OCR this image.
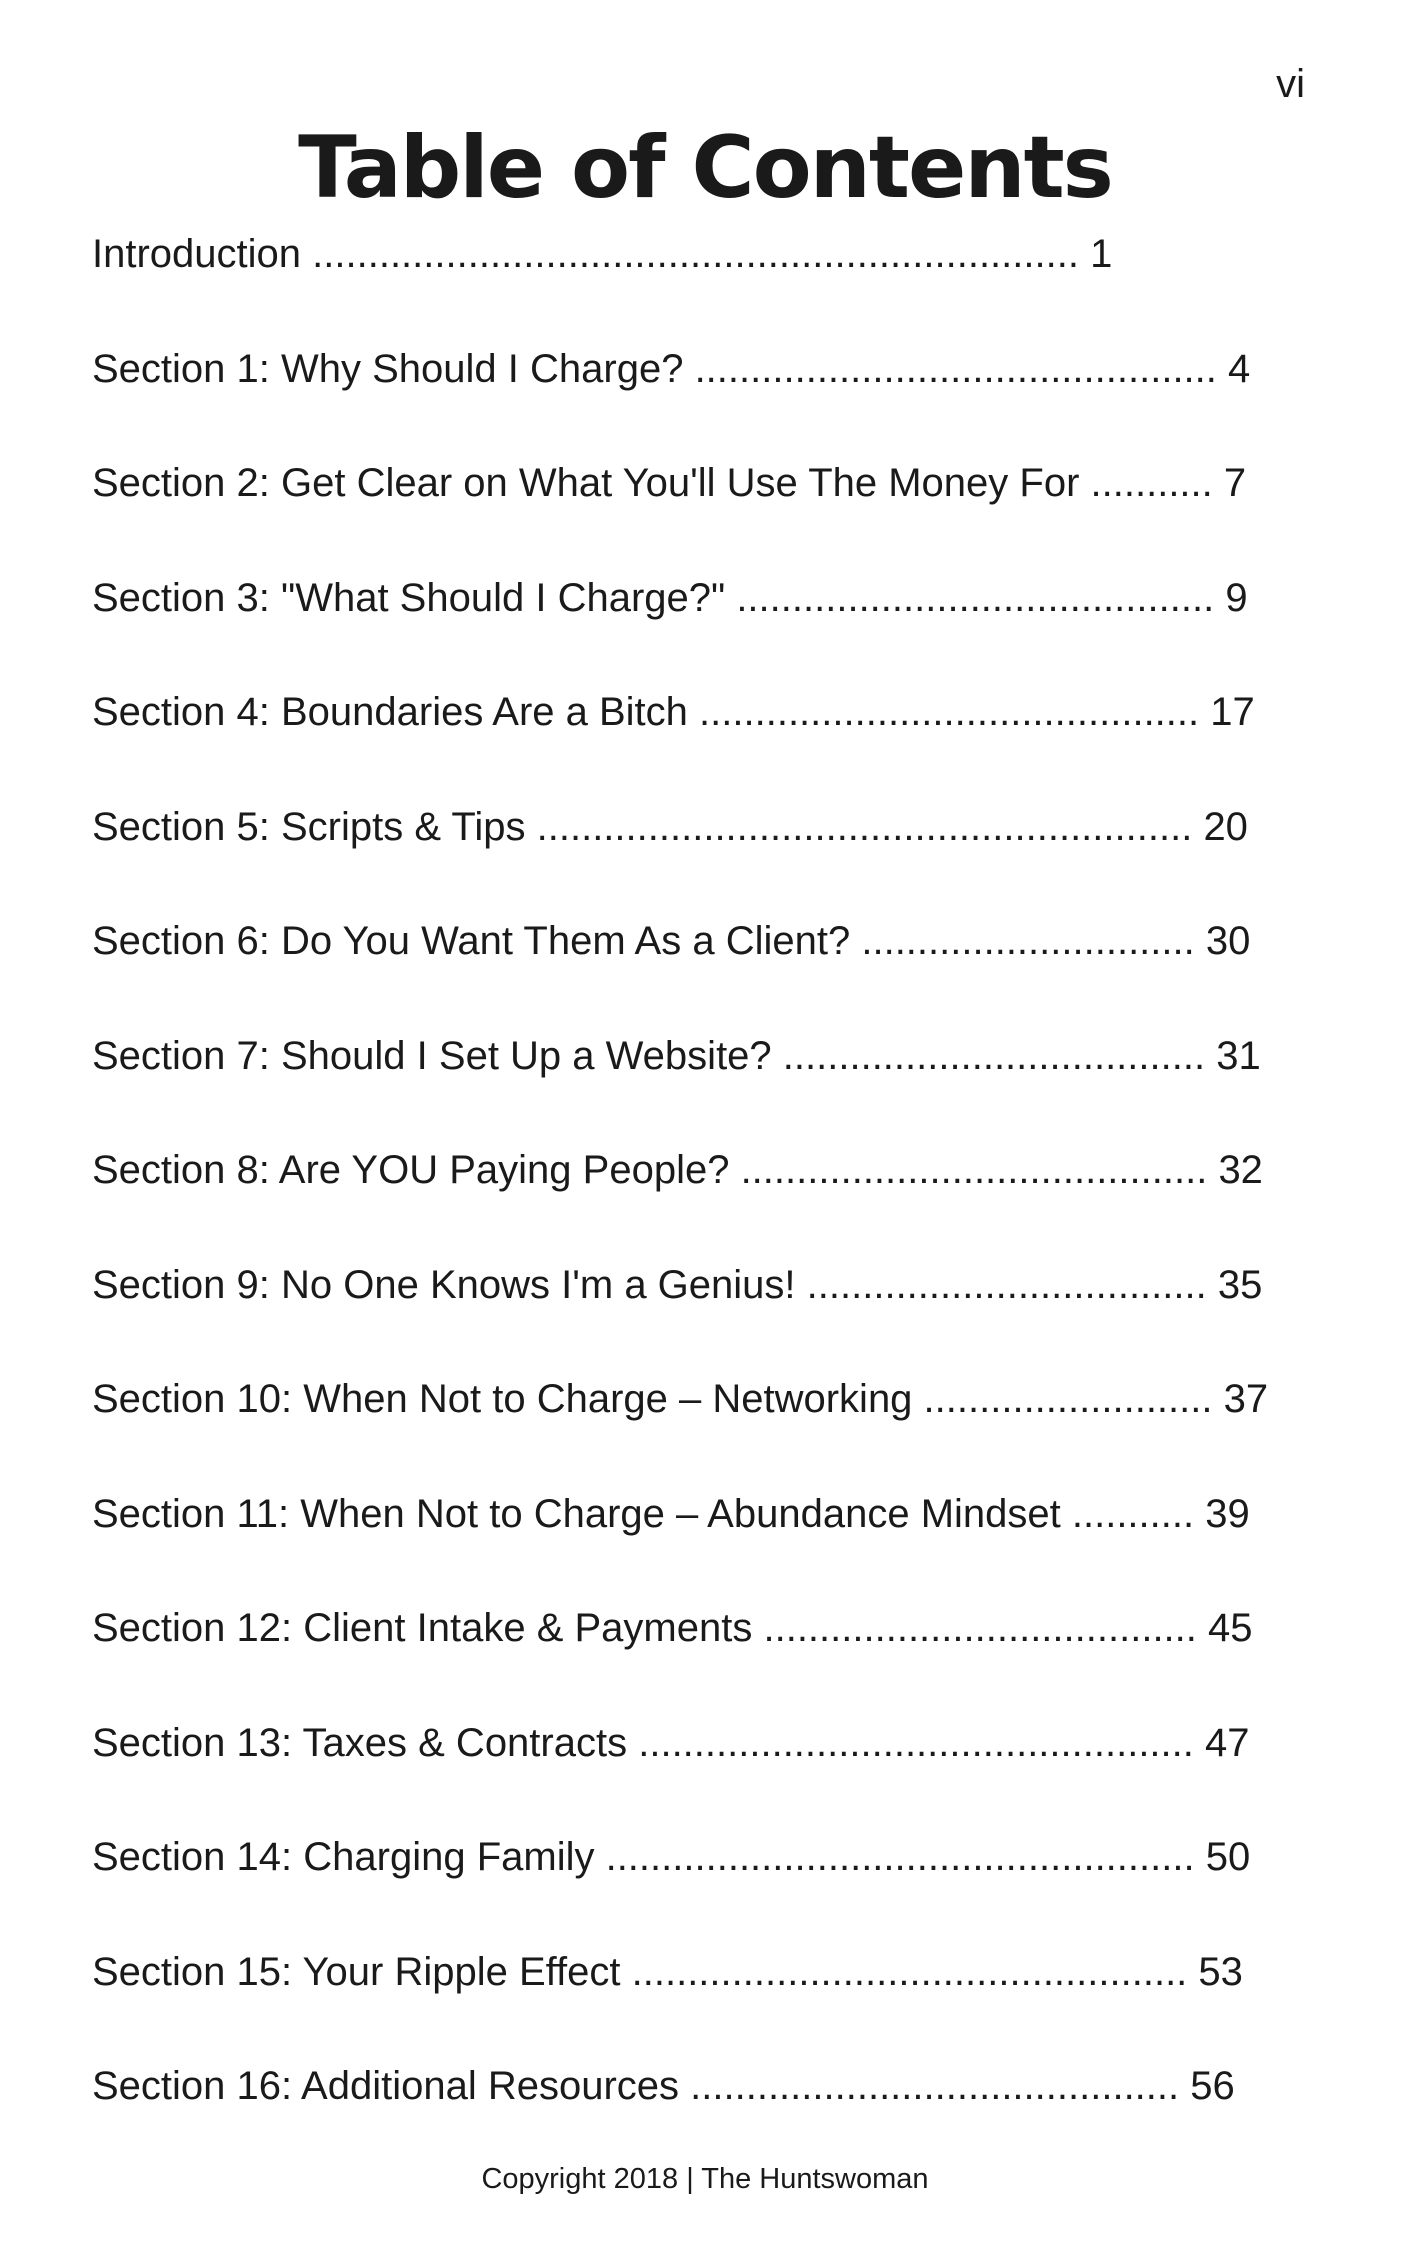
vi
Table of Contents
Introduction ..................................................................... 1
Section 1: Why Should I Charge? ............................................... 4
Section 2: Get Clear on What You'll Use The Money For ........... 7
Section 3: "What Should I Charge?" ........................................... 9
Section 4: Boundaries Are a Bitch ............................................. 17
Section 5: Scripts & Tips ........................................................... 20
Section 6: Do You Want Them As a Client? .............................. 30
Section 7: Should I Set Up a Website? ...................................... 31
Section 8: Are YOU Paying People? .......................................... 32
Section 9: No One Knows I'm a Genius! .................................... 35
Section 10: When Not to Charge – Networking .......................... 37
Section 11: When Not to Charge – Abundance Mindset ........... 39
Section 12: Client Intake & Payments ....................................... 45
Section 13: Taxes & Contracts .................................................. 47
Section 14: Charging Family ..................................................... 50
Section 15: Your Ripple Effect .................................................. 53
Section 16: Additional Resources ............................................ 56
Copyright 2018 | The Huntswoman
